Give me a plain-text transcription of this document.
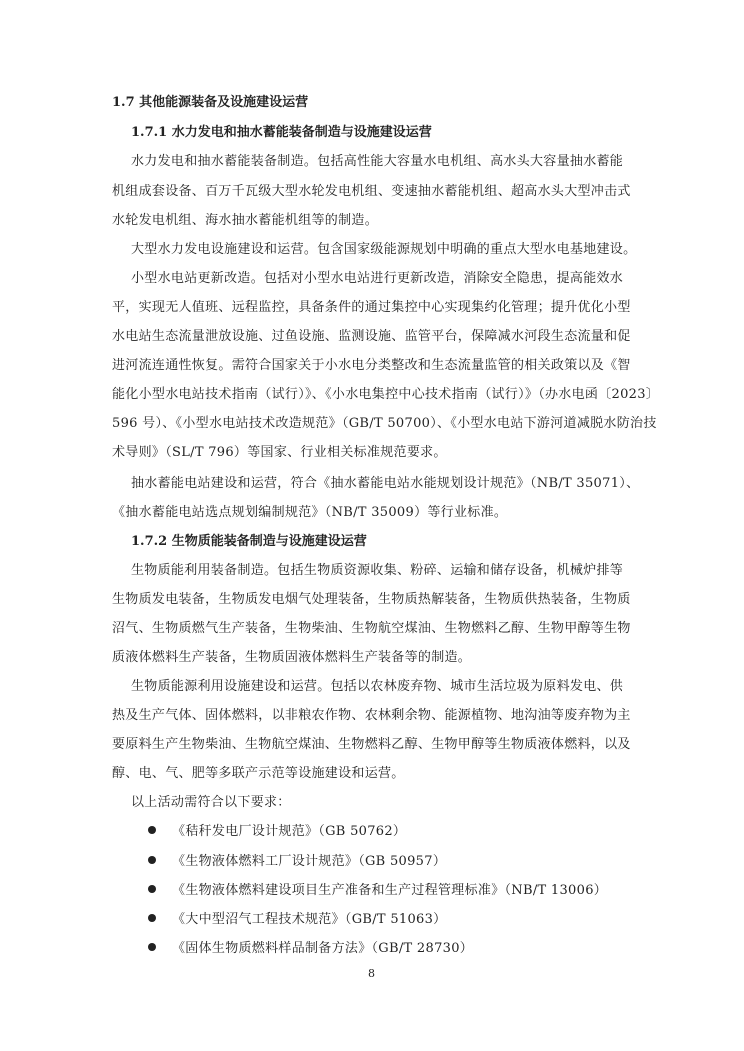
1.7 其他能源装备及设施建设运营
1.7.1 水力发电和抽水蓄能装备制造与设施建设运营
水力发电和抽水蓄能装备制造。包括高性能大容量水电机组、高水头大容量抽水蓄能
机组成套设备、百万千瓦级大型水轮发电机组、变速抽水蓄能机组、超高水头大型冲击式
水轮发电机组、海水抽水蓄能机组等的制造。
大型水力发电设施建设和运营。包含国家级能源规划中明确的重点大型水电基地建设。
小型水电站更新改造。包括对小型水电站进行更新改造，消除安全隐患，提高能效水
平，实现无人值班、远程监控，具备条件的通过集控中心实现集约化管理；提升优化小型
水电站生态流量泄放设施、过鱼设施、监测设施、监管平台，保障减水河段生态流量和促
进河流连通性恢复。需符合国家关于小水电分类整改和生态流量监管的相关政策以及《智
能化小型水电站技术指南（试行）》、《小水电集控中心技术指南（试行）》（办水电函〔2023〕
596 号）、《小型水电站技术改造规范》（GB/T 50700）、《小型水电站下游河道减脱水防治技
术导则》（SL/T 796）等国家、行业相关标准规范要求。
抽水蓄能电站建设和运营，符合《抽水蓄能电站水能规划设计规范》（NB/T 35071）、
《抽水蓄能电站选点规划编制规范》（NB/T 35009）等行业标准。
1.7.2 生物质能装备制造与设施建设运营
生物质能利用装备制造。包括生物质资源收集、粉碎、运输和储存设备，机械炉排等
生物质发电装备，生物质发电烟气处理装备，生物质热解装备，生物质供热装备，生物质
沼气、生物质燃气生产装备，生物柴油、生物航空煤油、生物燃料乙醇、生物甲醇等生物
质液体燃料生产装备，生物质固液体燃料生产装备等的制造。
生物质能源利用设施建设和运营。包括以农林废弃物、城市生活垃圾为原料发电、供
热及生产气体、固体燃料，以非粮农作物、农林剩余物、能源植物、地沟油等废弃物为主
要原料生产生物柴油、生物航空煤油、生物燃料乙醇、生物甲醇等生物质液体燃料，以及
醇、电、气、肥等多联产示范等设施建设和运营。
以上活动需符合以下要求：
《秸秆发电厂设计规范》（GB 50762）
《生物液体燃料工厂设计规范》（GB 50957）
《生物液体燃料建设项目生产准备和生产过程管理标准》（NB/T 13006）
《大中型沼气工程技术规范》（GB/T 51063）
《固体生物质燃料样品制备方法》（GB/T 28730）
8
